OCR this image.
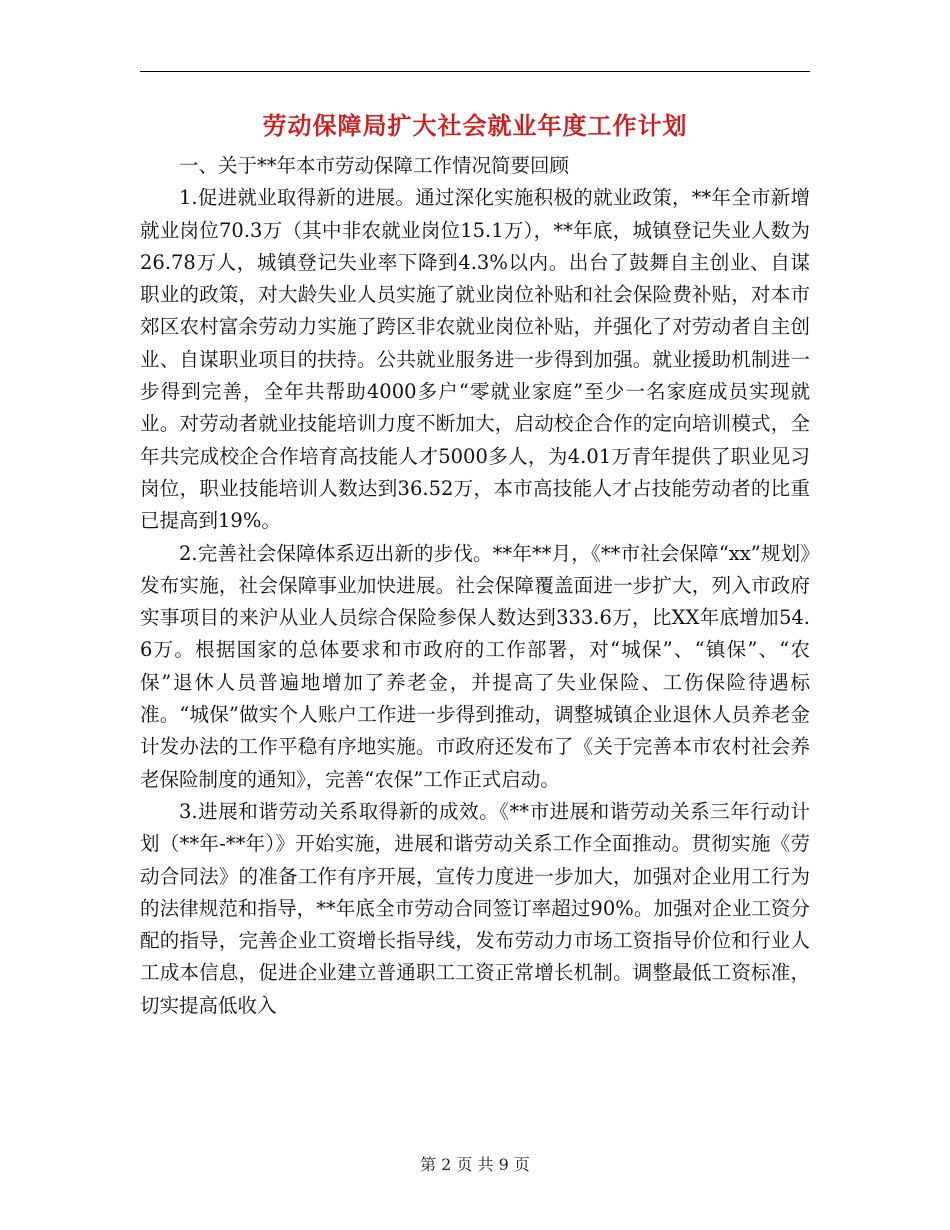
劳动保障局扩大社会就业年度工作计划

一、关于**年本市劳动保障工作情况简要回顾

1.促进就业取得新的进展。通过深化实施积极的就业政策，**年全市新增就业岗位70.3万（其中非农就业岗位15.1万），**年底，城镇登记失业人数为26.78万人，城镇登记失业率下降到4.3%以内。出台了鼓舞自主创业、自谋职业的政策，对大龄失业人员实施了就业岗位补贴和社会保险费补贴，对本市郊区农村富余劳动力实施了跨区非农就业岗位补贴，并强化了对劳动者自主创业、自谋职业项目的扶持。公共就业服务进一步得到加强。就业援助机制进一步得到完善，全年共帮助4000多户“零就业家庭”至少一名家庭成员实现就业。对劳动者就业技能培训力度不断加大，启动校企合作的定向培训模式，全年共完成校企合作培育高技能人才5000多人，为4.01万青年提供了职业见习岗位，职业技能培训人数达到36.52万，本市高技能人才占技能劳动者的比重已提高到19%。

2.完善社会保障体系迈出新的步伐。**年**月，《**市社会保障“xx”规划》发布实施，社会保障事业加快进展。社会保障覆盖面进一步扩大，列入市政府实事项目的来沪从业人员综合保险参保人数达到333.6万，比XX年底增加54.6万。根据国家的总体要求和市政府的工作部署，对“城保”、“镇保”、“农保”退休人员普遍地增加了养老金，并提高了失业保险、工伤保险待遇标准。“城保”做实个人账户工作进一步得到推动，调整城镇企业退休人员养老金计发办法的工作平稳有序地实施。市政府还发布了《关于完善本市农村社会养老保险制度的通知》，完善“农保”工作正式启动。

3.进展和谐劳动关系取得新的成效。《**市进展和谐劳动关系三年行动计划（**年-**年）》开始实施，进展和谐劳动关系工作全面推动。贯彻实施《劳动合同法》的准备工作有序开展，宣传力度进一步加大，加强对企业用工行为的法律规范和指导，**年底全市劳动合同签订率超过90%。加强对企业工资分配的指导，完善企业工资增长指导线，发布劳动力市场工资指导价位和行业人工成本信息，促进企业建立普通职工工资正常增长机制。调整最低工资标准，切实提高低收入

第 2 页 共 9 页
